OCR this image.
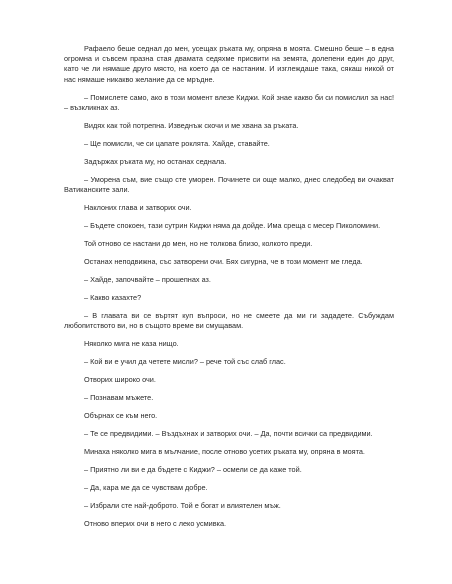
Рафаело беше седнал до мен, усещах ръката му, опряна в моята. Смешно беше – в една огромна и съвсем празна стая двамата седяхме присвити на земята, долепени един до друг, като че ли нямаше друго място, на което да се настаним. И изглеждаше така, сякаш никой от нас нямаше никакво желание да се мръдне.

– Помислете само, ако в този момент влезе Киджи. Кой знае какво би си помислил за нас! – възкликнах аз.

Видях как той потрепна. Изведнъж скочи и ме хвана за ръката.

– Ще помисли, че си цапате роклята. Хайде, ставайте.

Задържах ръката му, но останах седнала.

– Уморена съм, вие също сте уморен. Починете си още малко, днес следобед ви очакват Ватиканските зали.

Наклоних глава и затворих очи.

– Бъдете спокоен, тази сутрин Киджи няма да дойде. Има среща с месер Пиколомини.

Той отново се настани до мен, но не толкова близо, колкото преди.

Останах неподвижна, със затворени очи. Бях сигурна, че в този момент ме гледа.

– Хайде, започвайте – прошепнах аз.

– Какво казахте?

– В главата ви се въртят куп въпроси, но не смеете да ми ги зададете. Събуждам любопитството ви, но в същото време ви смущавам.

Няколко мига не каза нищо.

– Кой ви е учил да четете мисли? – рече той със слаб глас.

Отворих широко очи.

– Познавам мъжете.

Обърнах се към него.

– Те се предвидими. – Въздъхнах и затворих очи. – Да, почти всички са предвидими.

Минаха няколко мига в мълчание, после отново усетих ръката му, опряна в моята.

– Приятно ли ви е да бъдете с Киджи? – осмели се да каже той.

– Да, кара ме да се чувствам добре.

– Избрали сте най-доброто. Той е богат и влиятелен мъж.

Отново вперих очи в него с леко усмивка.
